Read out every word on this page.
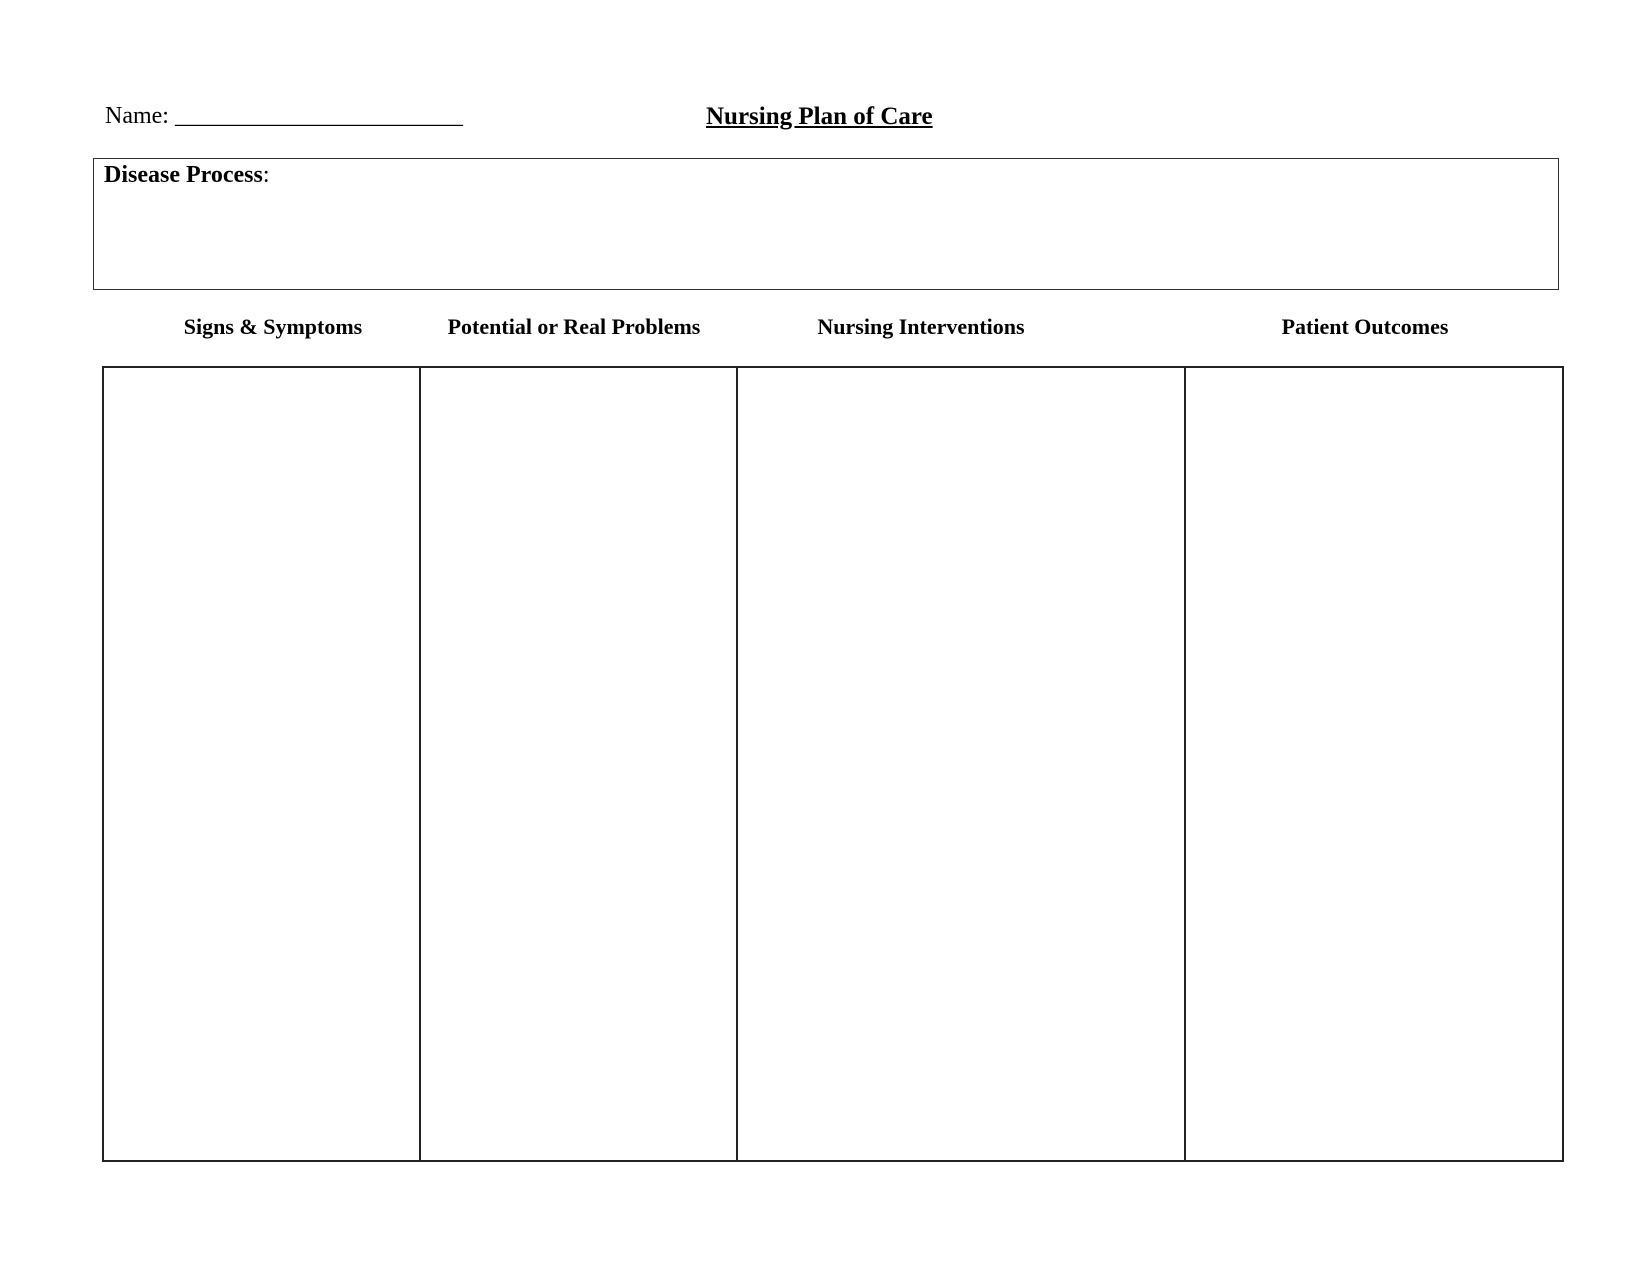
Name: ________________________	Nursing Plan of Care
Disease Process:
Signs & Symptoms	Potential or Real Problems	Nursing Interventions	Patient Outcomes
